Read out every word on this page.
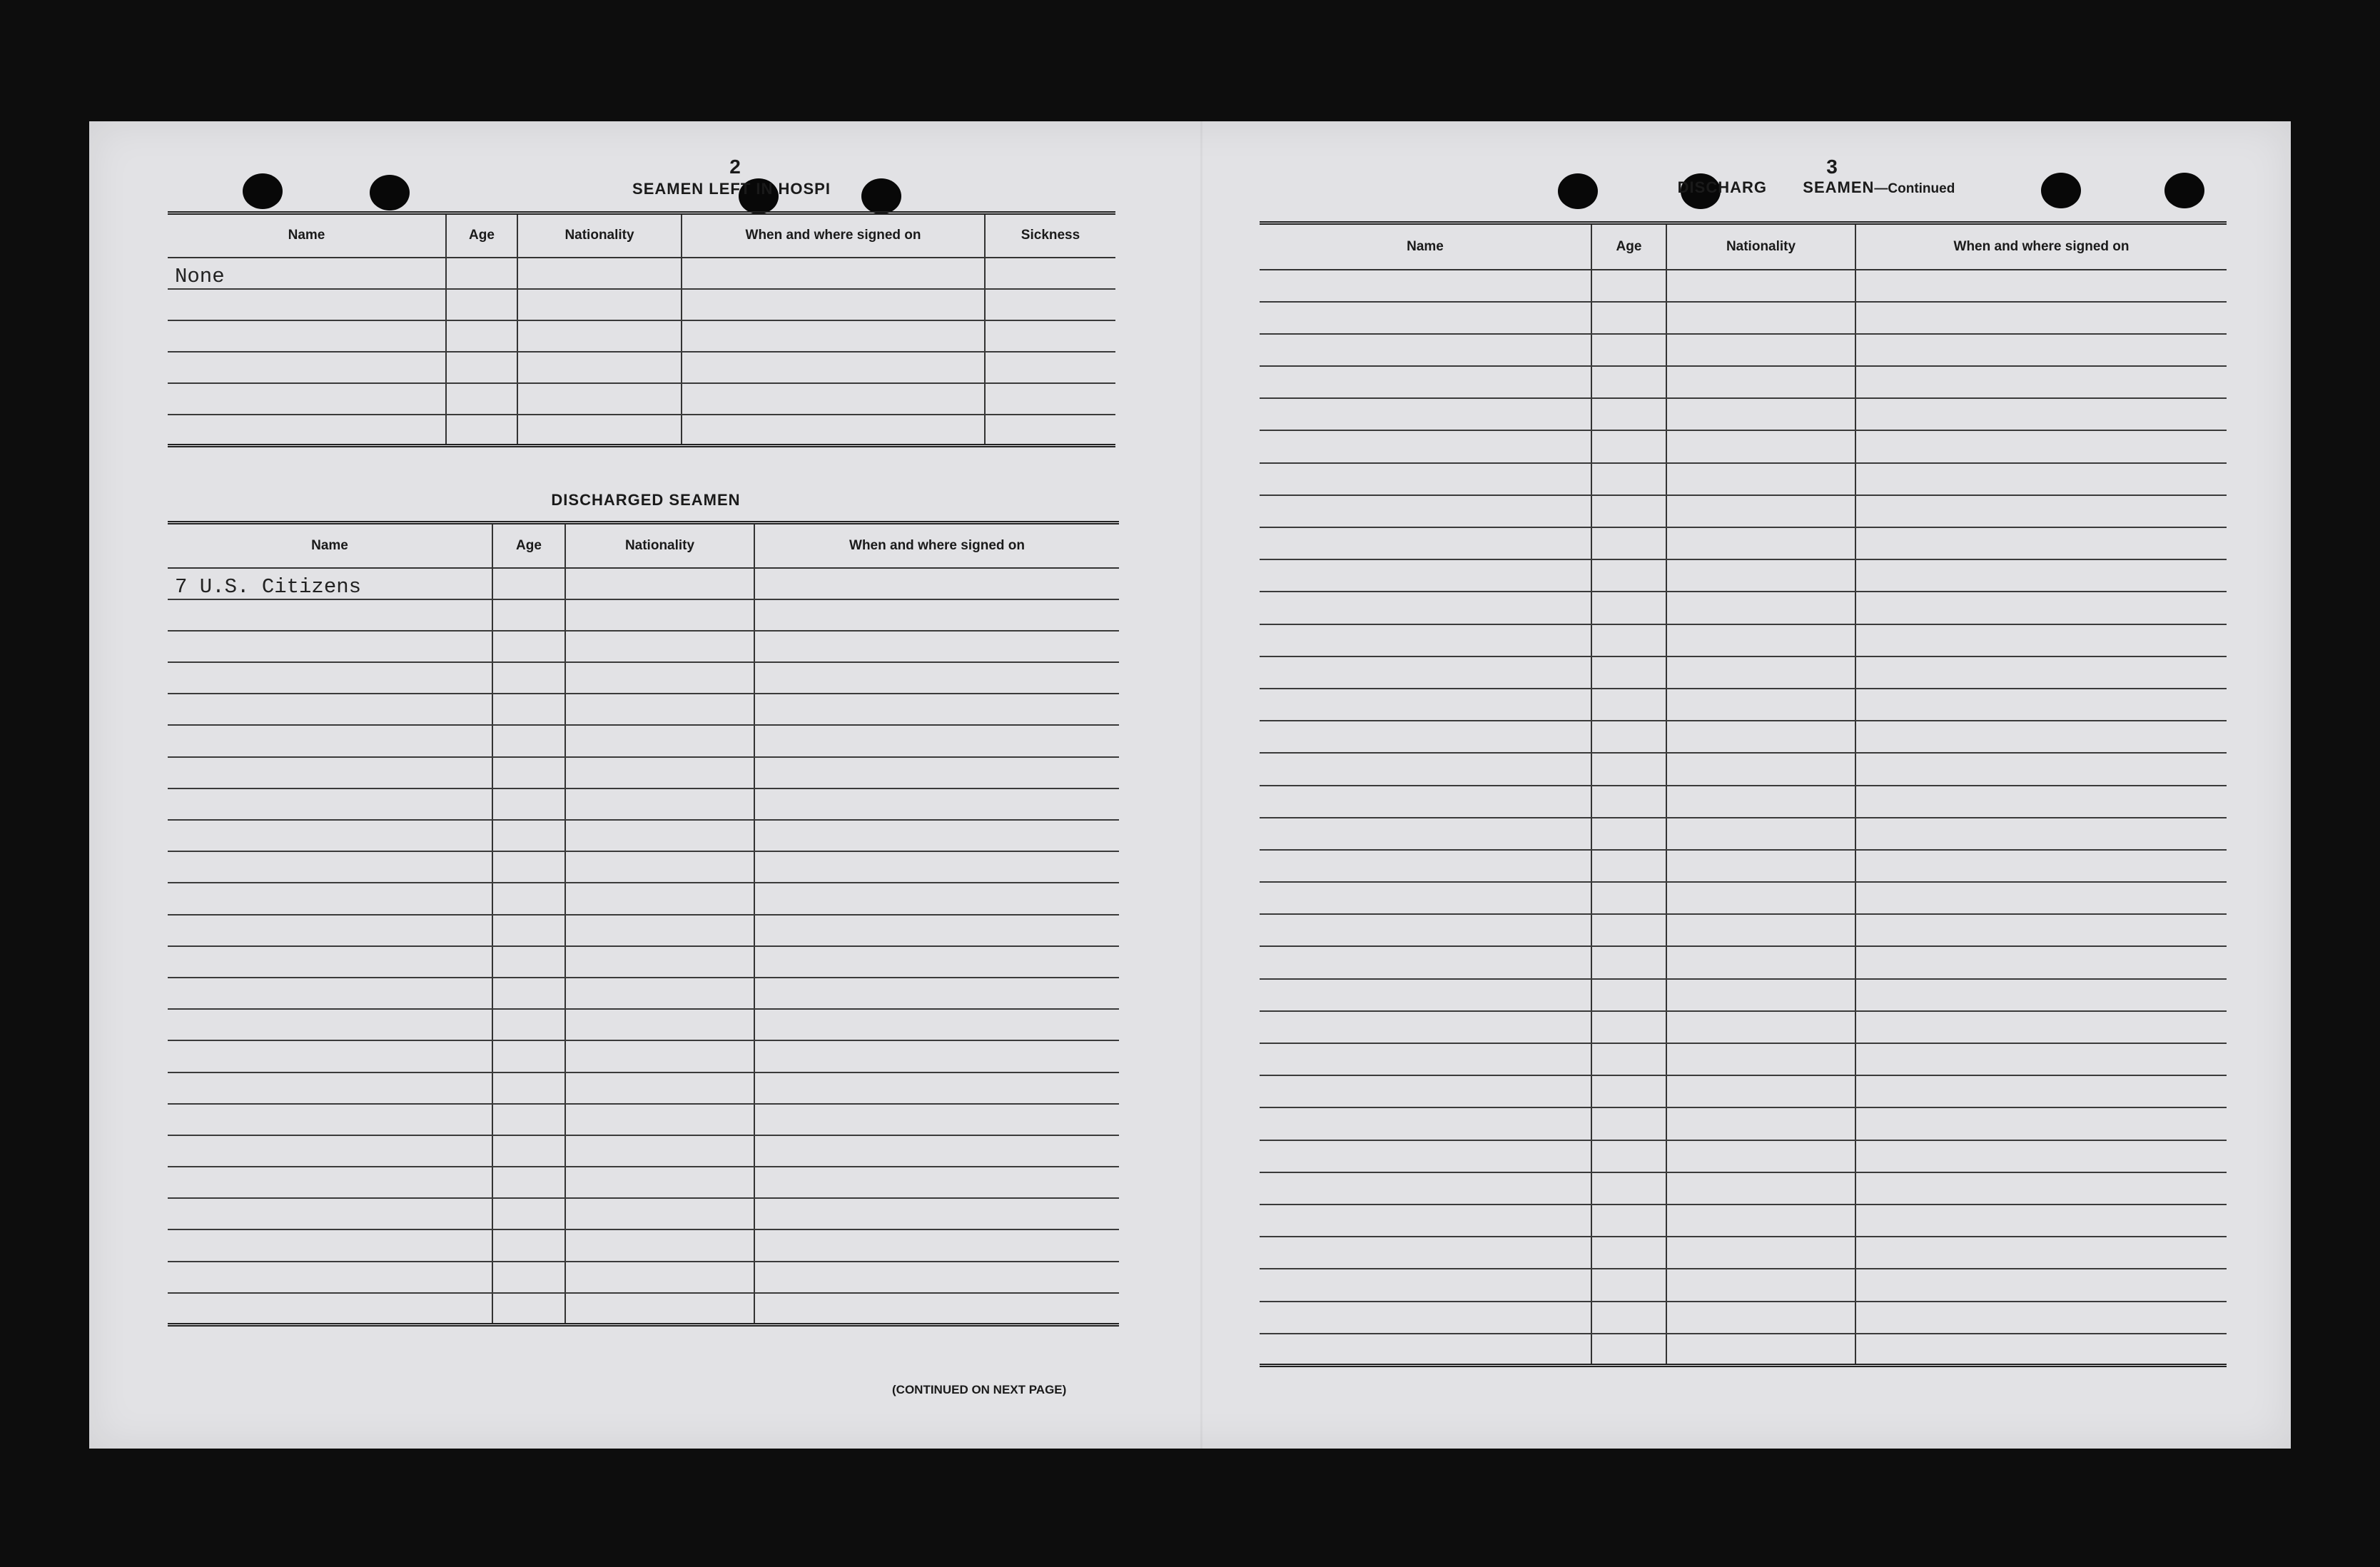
2
SEAMEN LEFT IN HOSPI
Name	Age	Nationality	When and where signed on	Sickness
None				

DISCHARGED SEAMEN
Name	Age	Nationality	When and where signed on
7 U.S. Citizens			

(CONTINUED ON NEXT PAGE)
3
DISCHARG SEAMEN—Continued
Name	Age	Nationality	When and where signed on
